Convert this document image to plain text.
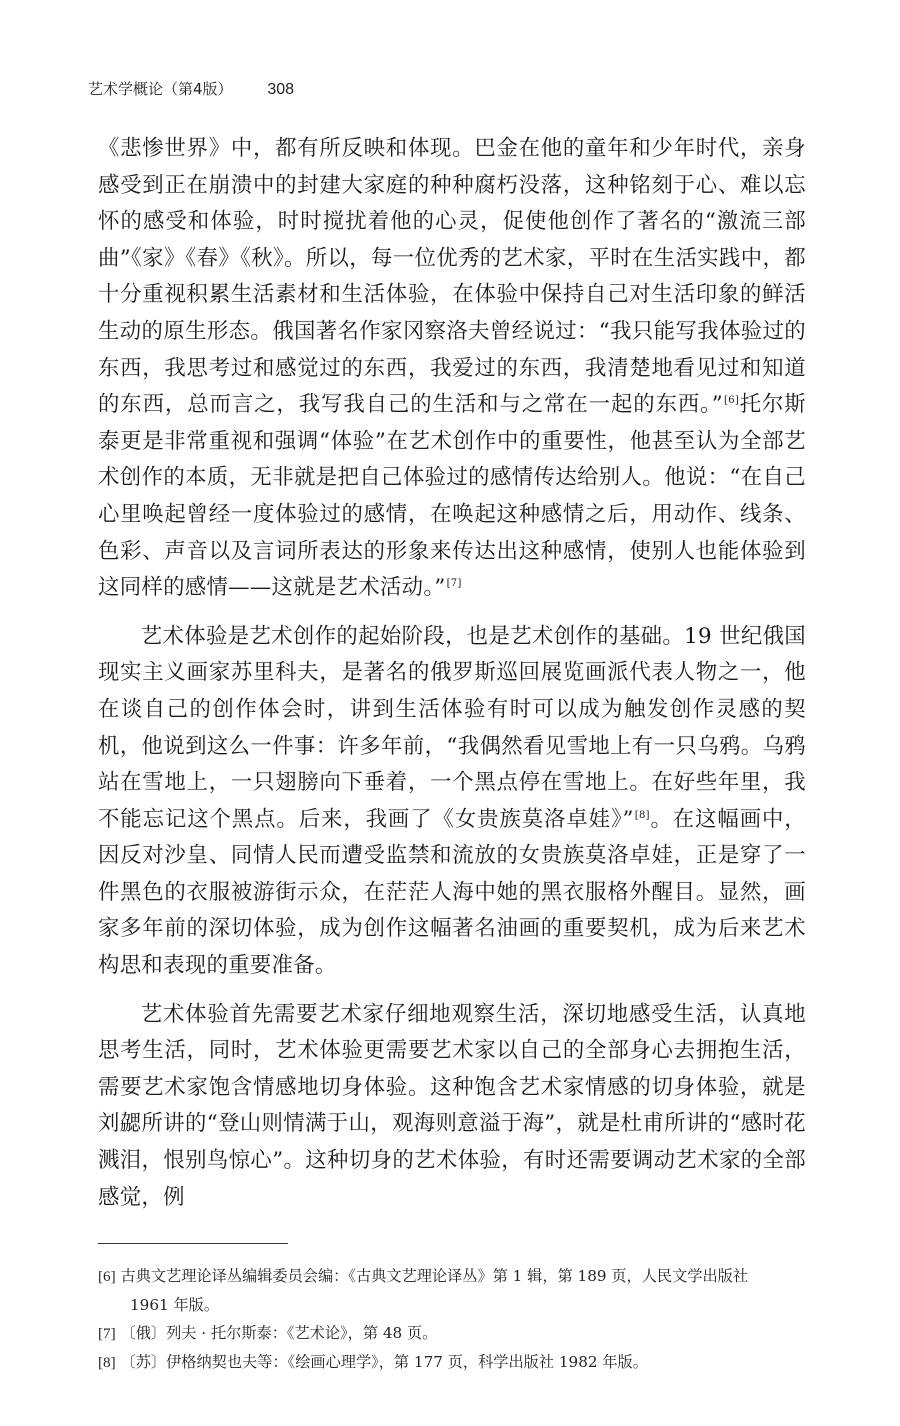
艺术学概论（第4版） 308

《悲惨世界》中，都有所反映和体现。巴金在他的童年和少年时代，亲身感受到正在崩溃中的封建大家庭的种种腐朽没落，这种铭刻于心、难以忘怀的感受和体验，时时搅扰着他的心灵，促使他创作了著名的“激流三部曲”《家》《春》《秋》。所以，每一位优秀的艺术家，平时在生活实践中，都十分重视积累生活素材和生活体验，在体验中保持自己对生活印象的鲜活生动的原生形态。俄国著名作家冈察洛夫曾经说过：“我只能写我体验过的东西，我思考过和感觉过的东西，我爱过的东西，我清楚地看见过和知道的东西，总而言之，我写我自己的生活和与之常在一起的东西。”[6]托尔斯泰更是非常重视和强调“体验”在艺术创作中的重要性，他甚至认为全部艺术创作的本质，无非就是把自己体验过的感情传达给别人。他说：“在自己心里唤起曾经一度体验过的感情，在唤起这种感情之后，用动作、线条、色彩、声音以及言词所表达的形象来传达出这种感情，使别人也能体验到这同样的感情——这就是艺术活动。”[7]

艺术体验是艺术创作的起始阶段，也是艺术创作的基础。19 世纪俄国现实主义画家苏里科夫，是著名的俄罗斯巡回展览画派代表人物之一，他在谈自己的创作体会时，讲到生活体验有时可以成为触发创作灵感的契机，他说到这么一件事：许多年前，“我偶然看见雪地上有一只乌鸦。乌鸦站在雪地上，一只翅膀向下垂着，一个黑点停在雪地上。在好些年里，我不能忘记这个黑点。后来，我画了《女贵族莫洛卓娃》”[8]。在这幅画中，因反对沙皇、同情人民而遭受监禁和流放的女贵族莫洛卓娃，正是穿了一件黑色的衣服被游街示众，在茫茫人海中她的黑衣服格外醒目。显然，画家多年前的深切体验，成为创作这幅著名油画的重要契机，成为后来艺术构思和表现的重要准备。

艺术体验首先需要艺术家仔细地观察生活，深切地感受生活，认真地思考生活，同时，艺术体验更需要艺术家以自己的全部身心去拥抱生活，需要艺术家饱含情感地切身体验。这种饱含艺术家情感的切身体验，就是刘勰所讲的“登山则情满于山，观海则意溢于海”，就是杜甫所讲的“感时花溅泪，恨别鸟惊心”。这种切身的艺术体验，有时还需要调动艺术家的全部感觉，例

[6] 古典文艺理论译丛编辑委员会编：《古典文艺理论译丛》第 1 辑，第 189 页，人民文学出版社
1961 年版。

[7] 〔俄〕列夫 · 托尔斯泰：《艺术论》，第 48 页。

[8] 〔苏〕伊格纳契也夫等：《绘画心理学》，第 177 页，科学出版社 1982 年版。
